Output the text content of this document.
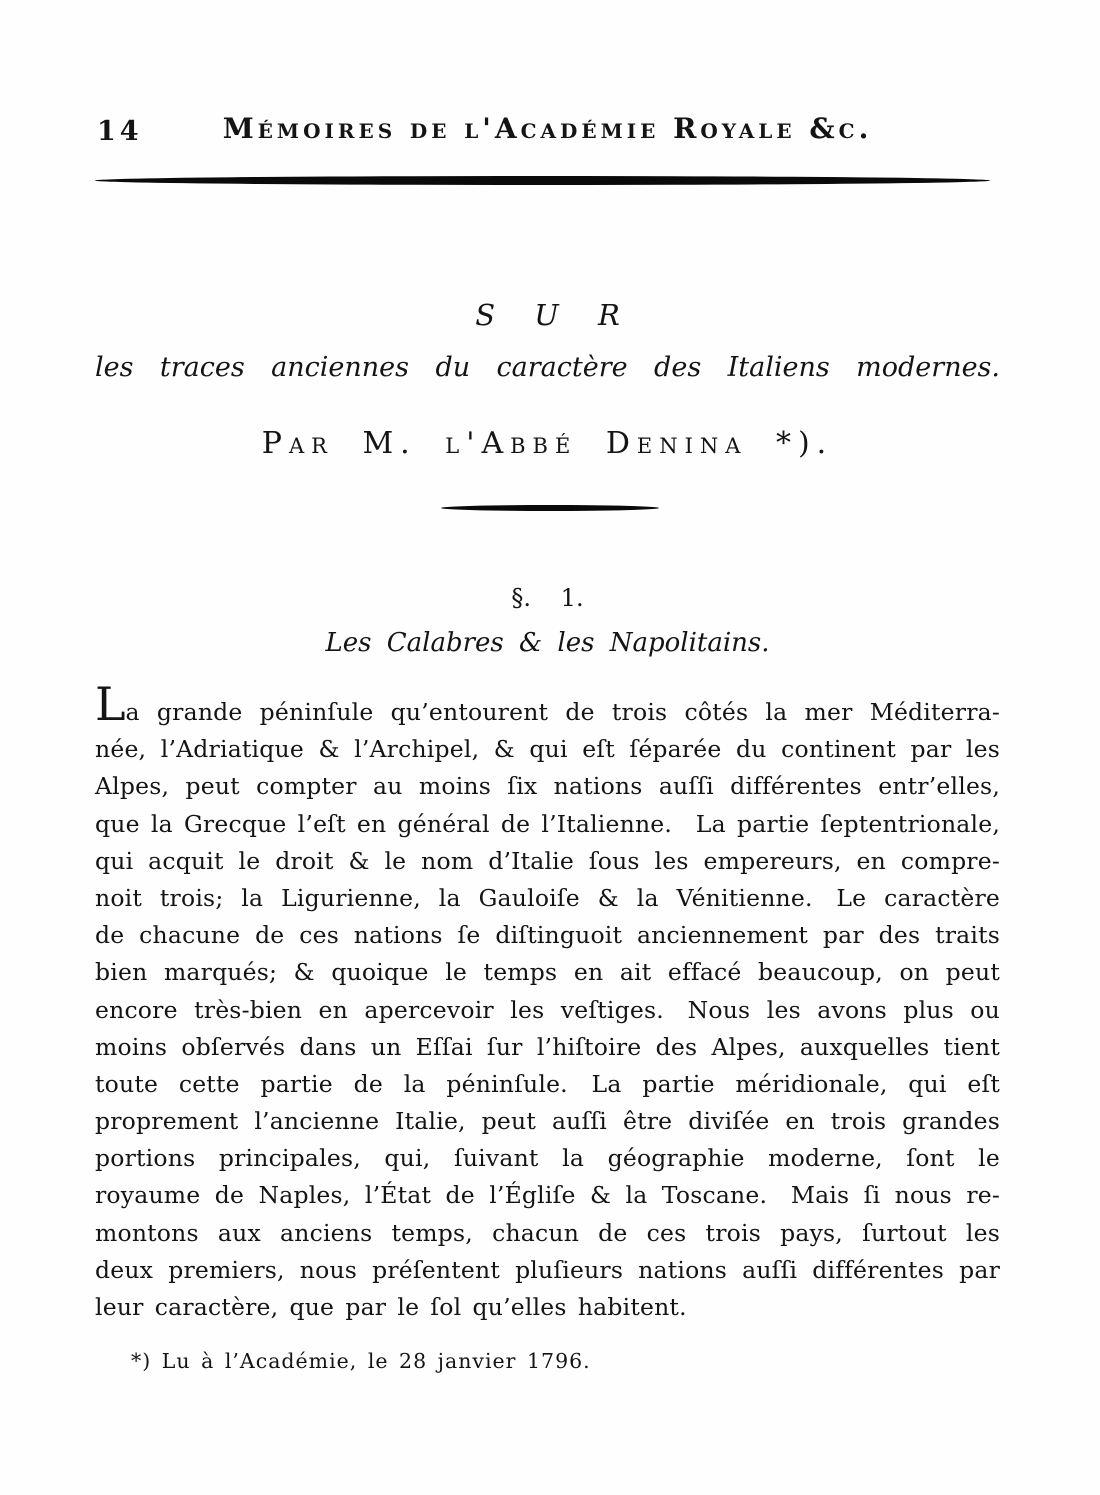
14	Mémoires de l'Académie Royale &c.
S U R
les traces anciennes du caractère des Italiens modernes.
Par M. l'Abbé Denina *).
§. 1.
Les Calabres & les Napolitains.
La grande péninſule qu’entourent de trois côtés la mer Méditerra-
née, l’Adriatique & l’Archipel, & qui eſt ſéparée du continent par les
Alpes, peut compter au moins ſix nations auſſi différentes entr’elles,
que la Grecque l’eſt en général de l’Italienne. La partie ſeptentrionale,
qui acquit le droit & le nom d’Italie ſous les empereurs, en compre-
noit trois; la Ligurienne, la Gauloiſe & la Vénitienne. Le caractère
de chacune de ces nations ſe diſtinguoit anciennement par des traits
bien marqués; & quoique le temps en ait effacé beaucoup, on peut
encore très-bien en apercevoir les veſtiges. Nous les avons plus ou
moins obſervés dans un Eſſai ſur l’hiſtoire des Alpes, auxquelles tient
toute cette partie de la péninſule. La partie méridionale, qui eſt
proprement l’ancienne Italie, peut auſſi être diviſée en trois grandes
portions principales, qui, ſuivant la géographie moderne, ſont le
royaume de Naples, l’État de l’Égliſe & la Toscane. Mais ſi nous re-
montons aux anciens temps, chacun de ces trois pays, ſurtout les
deux premiers, nous préſentent pluſieurs nations auſſi différentes par
leur caractère, que par le ſol qu’elles habitent.
*) Lu à l’Académie, le 28 janvier 1796.
